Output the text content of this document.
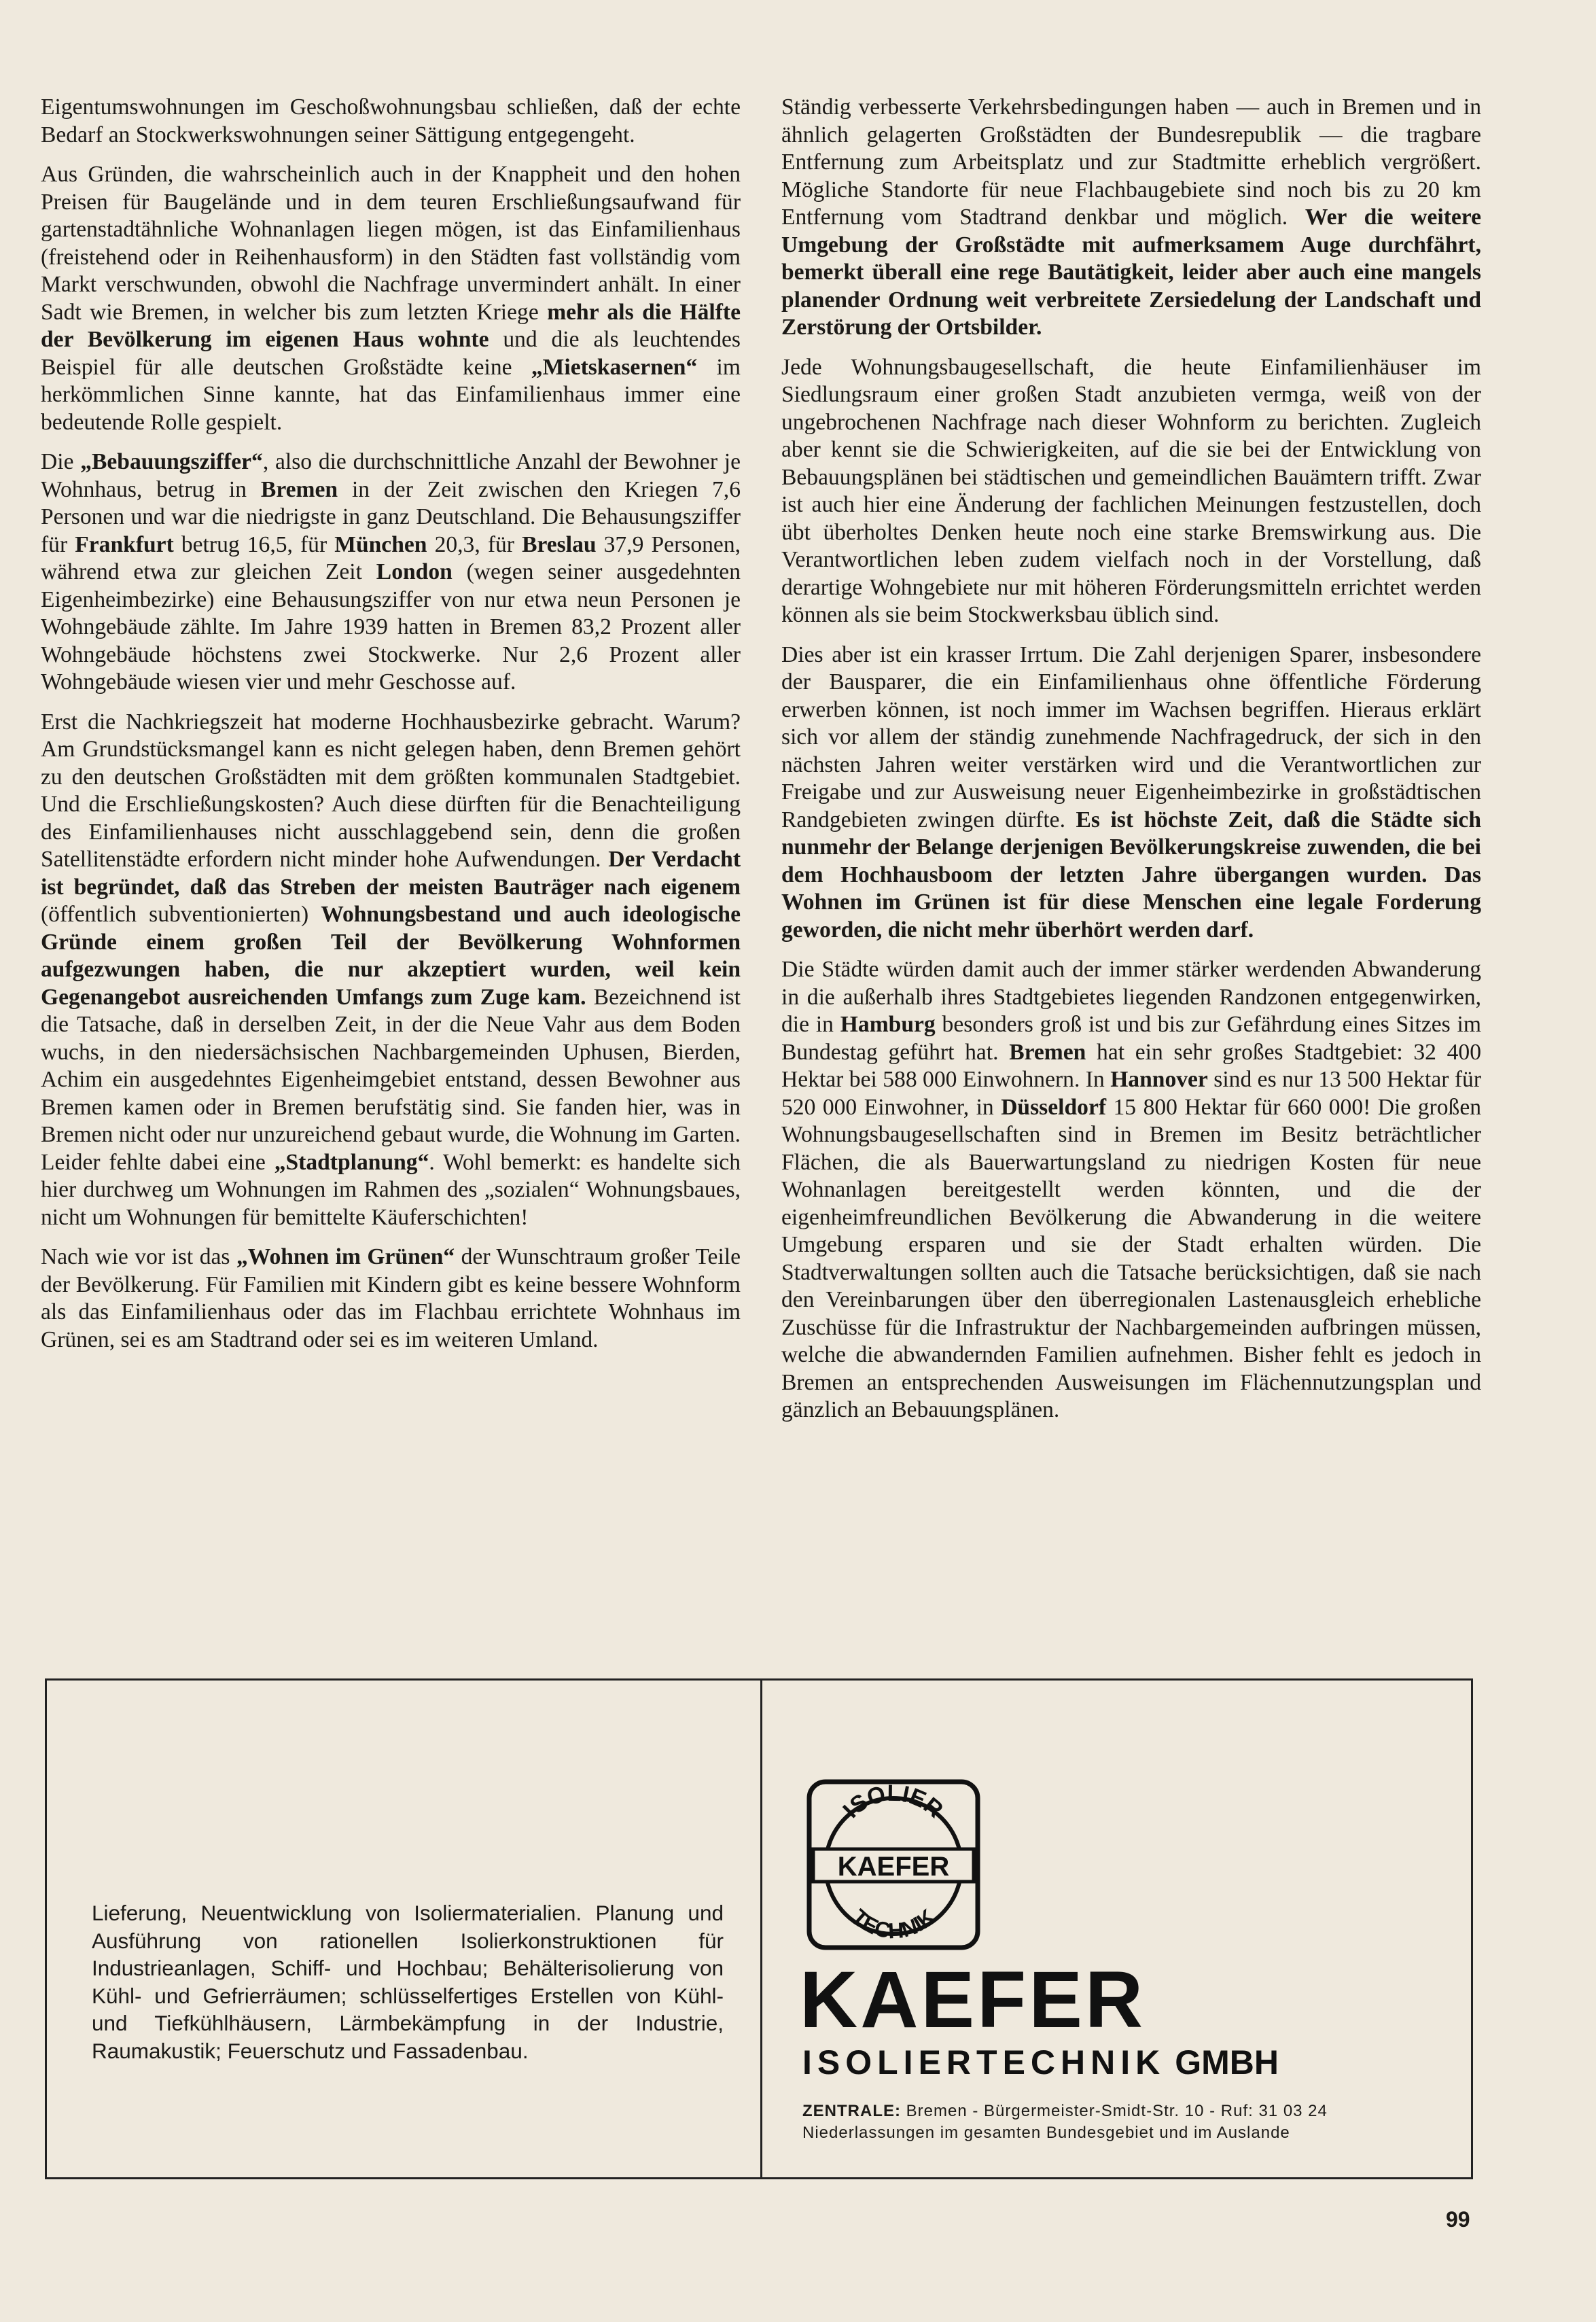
Eigentumswohnungen im Geschoßwohnungsbau schließen, daß der echte Bedarf an Stockwerkswohnungen seiner Sättigung entgegengeht.

Aus Gründen, die wahrscheinlich auch in der Knappheit und den hohen Preisen für Baugelände und in dem teuren Erschließungsaufwand für gartenstadtähnliche Wohnanlagen liegen mögen, ist das Einfamilienhaus (freistehend oder in Reihenhausform) in den Städten fast vollständig vom Markt verschwunden, obwohl die Nachfrage unvermindert anhält. In einer Sadt wie Bremen, in welcher bis zum letzten Kriege mehr als die Hälfte der Bevölkerung im eigenen Haus wohnte und die als leuchtendes Beispiel für alle deutschen Großstädte keine „Mietskasernen“ im herkömmlichen Sinne kannte, hat das Einfamilienhaus immer eine bedeutende Rolle gespielt.

Die „Bebauungsziffer“, also die durchschnittliche Anzahl der Bewohner je Wohnhaus, betrug in Bremen in der Zeit zwischen den Kriegen 7,6 Personen und war die niedrigste in ganz Deutschland. Die Behausungsziffer für Frankfurt betrug 16,5, für München 20,3, für Breslau 37,9 Personen, während etwa zur gleichen Zeit London (wegen seiner ausgedehnten Eigenheimbezirke) eine Behausungsziffer von nur etwa neun Personen je Wohngebäude zählte. Im Jahre 1939 hatten in Bremen 83,2 Prozent aller Wohngebäude höchstens zwei Stockwerke. Nur 2,6 Prozent aller Wohngebäude wiesen vier und mehr Geschosse auf.

Erst die Nachkriegszeit hat moderne Hochhausbezirke gebracht. Warum? Am Grundstücksmangel kann es nicht gelegen haben, denn Bremen gehört zu den deutschen Großstädten mit dem größten kommunalen Stadtgebiet. Und die Erschließungskosten? Auch diese dürften für die Benachteiligung des Einfamilienhauses nicht ausschlaggebend sein, denn die großen Satellitenstädte erfordern nicht minder hohe Aufwendungen. Der Verdacht ist begründet, daß das Streben der meisten Bauträger nach eigenem (öffentlich subventionierten) Wohnungsbestand und auch ideologische Gründe einem großen Teil der Bevölkerung Wohnformen aufgezwungen haben, die nur akzeptiert wurden, weil kein Gegenangebot ausreichenden Umfangs zum Zuge kam. Bezeichnend ist die Tatsache, daß in derselben Zeit, in der die Neue Vahr aus dem Boden wuchs, in den niedersächsischen Nachbargemeinden Uphusen, Bierden, Achim ein ausgedehntes Eigenheimgebiet entstand, dessen Bewohner aus Bremen kamen oder in Bremen berufstätig sind. Sie fanden hier, was in Bremen nicht oder nur unzureichend gebaut wurde, die Wohnung im Garten. Leider fehlte dabei eine „Stadtplanung“. Wohl bemerkt: es handelte sich hier durchweg um Wohnungen im Rahmen des „sozialen“ Wohnungsbaues, nicht um Wohnungen für bemittelte Käuferschichten!

Nach wie vor ist das „Wohnen im Grünen“ der Wunschtraum großer Teile der Bevölkerung. Für Familien mit Kindern gibt es keine bessere Wohnform als das Einfamilienhaus oder das im Flachbau errichtete Wohnhaus im Grünen, sei es am Stadtrand oder sei es im weiteren Umland.

Ständig verbesserte Verkehrsbedingungen haben — auch in Bremen und in ähnlich gelagerten Großstädten der Bundesrepublik — die tragbare Entfernung zum Arbeitsplatz und zur Stadtmitte erheblich vergrößert. Mögliche Standorte für neue Flachbaugebiete sind noch bis zu 20 km Entfernung vom Stadtrand denkbar und möglich. Wer die weitere Umgebung der Großstädte mit aufmerksamem Auge durchfährt, bemerkt überall eine rege Bautätigkeit, leider aber auch eine mangels planender Ordnung weit verbreitete Zersiedelung der Landschaft und Zerstörung der Ortsbilder.

Jede Wohnungsbaugesellschaft, die heute Einfamilienhäuser im Siedlungsraum einer großen Stadt anzubieten vermga, weiß von der ungebrochenen Nachfrage nach dieser Wohnform zu berichten. Zugleich aber kennt sie die Schwierigkeiten, auf die sie bei der Entwicklung von Bebauungsplänen bei städtischen und gemeindlichen Bauämtern trifft. Zwar ist auch hier eine Änderung der fachlichen Meinungen festzustellen, doch übt überholtes Denken heute noch eine starke Bremswirkung aus. Die Verantwortlichen leben zudem vielfach noch in der Vorstellung, daß derartige Wohngebiete nur mit höheren Förderungsmitteln errichtet werden können als sie beim Stockwerksbau üblich sind.

Dies aber ist ein krasser Irrtum. Die Zahl derjenigen Sparer, insbesondere der Bausparer, die ein Einfamilienhaus ohne öffentliche Förderung erwerben können, ist noch immer im Wachsen begriffen. Hieraus erklärt sich vor allem der ständig zunehmende Nachfragedruck, der sich in den nächsten Jahren weiter verstärken wird und die Verantwortlichen zur Freigabe und zur Ausweisung neuer Eigenheimbezirke in großstädtischen Randgebieten zwingen dürfte. Es ist höchste Zeit, daß die Städte sich nunmehr der Belange derjenigen Bevölkerungskreise zuwenden, die bei dem Hochhausboom der letzten Jahre übergangen wurden. Das Wohnen im Grünen ist für diese Menschen eine legale Forderung geworden, die nicht mehr überhört werden darf.

Die Städte würden damit auch der immer stärker werdenden Abwanderung in die außerhalb ihres Stadtgebietes liegenden Randzonen entgegenwirken, die in Hamburg besonders groß ist und bis zur Gefährdung eines Sitzes im Bundestag geführt hat. Bremen hat ein sehr großes Stadtgebiet: 32 400 Hektar bei 588 000 Einwohnern. In Hannover sind es nur 13 500 Hektar für 520 000 Einwohner, in Düsseldorf 15 800 Hektar für 660 000! Die großen Wohnungsbaugesellschaften sind in Bremen im Besitz beträchtlicher Flächen, die als Bauerwartungsland zu niedrigen Kosten für neue Wohnanlagen bereitgestellt werden könnten, und die der eigenheimfreundlichen Bevölkerung die Abwanderung in die weitere Umgebung ersparen und sie der Stadt erhalten würden. Die Stadtverwaltungen sollten auch die Tatsache berücksichtigen, daß sie nach den Vereinbarungen über den überregionalen Lastenausgleich erhebliche Zuschüsse für die Infrastruktur der Nachbargemeinden aufbringen müssen, welche die abwandernden Familien aufnehmen. Bisher fehlt es jedoch in Bremen an entsprechenden Ausweisungen im Flächennutzungsplan und gänzlich an Bebauungsplänen.

Lieferung, Neuentwicklung von Isoliermaterialien. Planung und Ausführung von rationellen Isolierkonstruktionen für Industrieanlagen, Schiff- und Hochbau; Behälterisolierung von Kühl- und Gefrierräumen; schlüsselfertiges Erstellen von Kühl- und Tiefkühlhäusern, Lärmbekämpfung in der Industrie, Raumakustik; Feuerschutz und Fassadenbau.

ISOLIER
KAEFER
TECHNIK

KAEFER

ISOLIERTECHNIK GMBH

ZENTRALE: Bremen - Bürgermeister-Smidt-Str. 10 - Ruf: 31 03 24
Niederlassungen im gesamten Bundesgebiet und im Auslande

99
